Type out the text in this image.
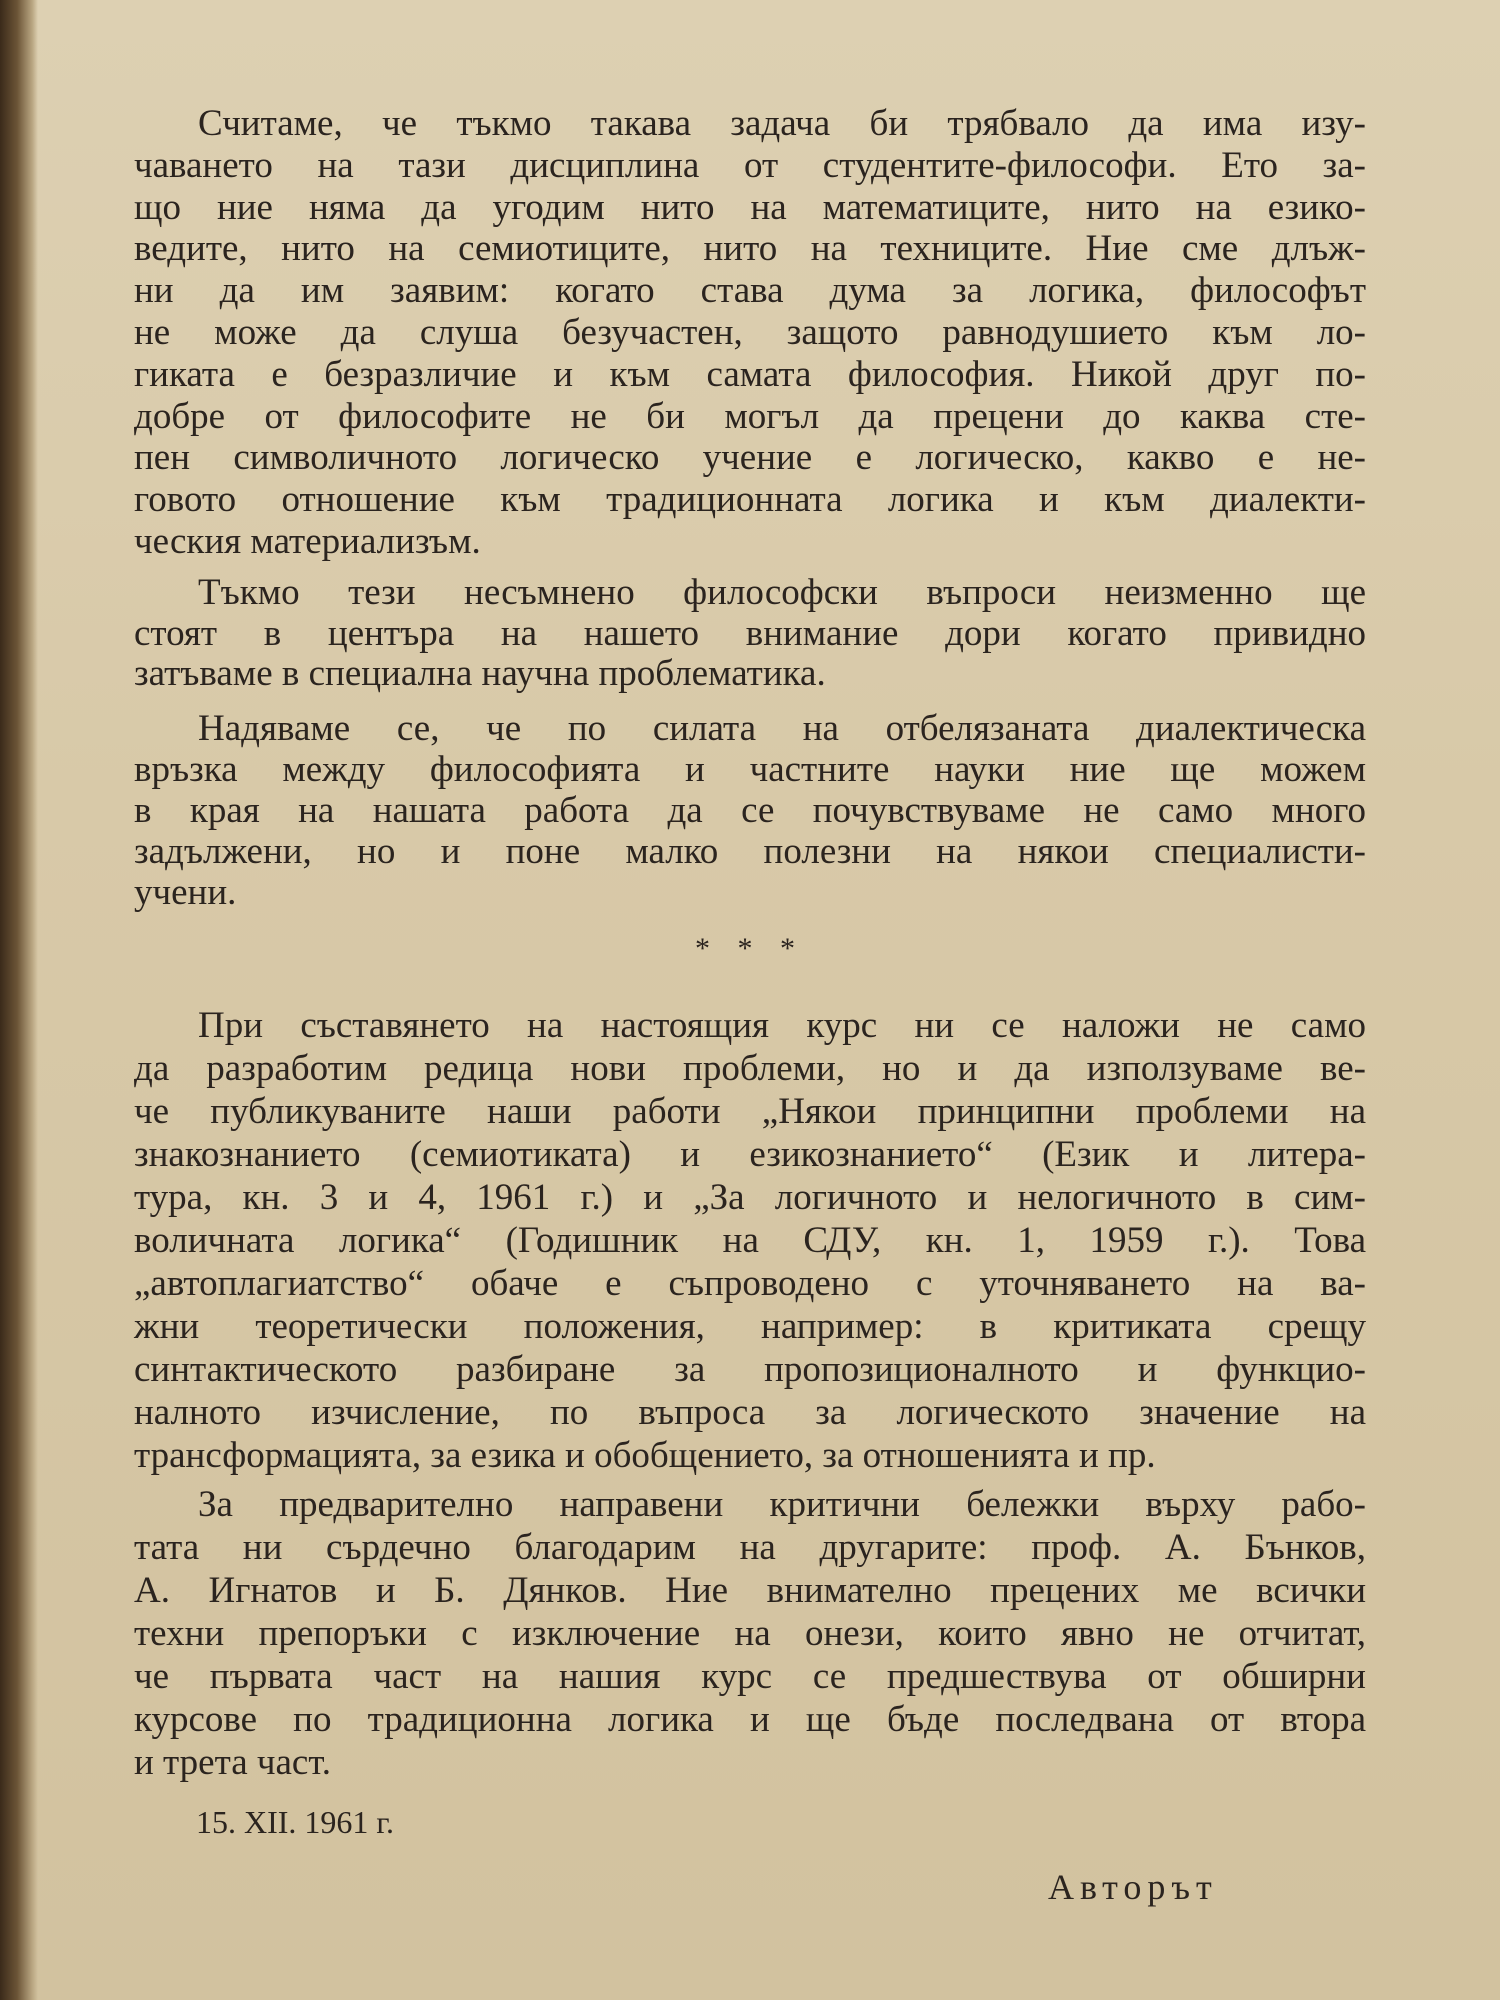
Считаме, че тъкмо такава задача би трябвало да има изу-
чаването на тази дисциплина от студентите-философи. Ето за-
що ние няма да угодим нито на математиците, нито на езико-
ведите, нито на семиотиците, нито на техниците. Ние сме длъж-
ни да им заявим: когато става дума за логика, философът
не може да слуша безучастен, защото равнодушието към ло-
гиката е безразличие и към самата философия. Никой друг по-
добре от философите не би могъл да прецени до каква сте-
пен символичното логическо учение е логическо, какво е не-
говото отношение към традиционната логика и към диалекти-
ческия материализъм.
Тъкмо тези несъмнено философски въпроси неизменно ще
стоят в центъра на нашето внимание дори когато привидно
затъваме в специална научна проблематика.
Надяваме се, че по силата на отбелязаната диалектическа
връзка между философията и частните науки ние ще можем
в края на нашата работа да се почувствуваме не само много
задължени, но и поне малко полезни на някои специалисти-
учени.
При съставянето на настоящия курс ни се наложи не само
да разработим редица нови проблеми, но и да използуваме ве-
че публикуваните наши работи „Някои принципни проблеми на
знакознанието (семиотиката) и езикознанието“ (Език и литера-
тура, кн. 3 и 4, 1961 г.) и „За логичното и нелогичното в сим-
воличната логика“ (Годишник на СДУ, кн. 1, 1959 г.). Това
„автоплагиатство“ обаче е съпроводено с уточняването на ва-
жни теоретически положения, например: в критиката срещу
синтактическото разбиране за пропозиционалното и функцио-
налното изчисление, по въпроса за логическото значение на
трансформацията, за езика и обобщението, за отношенията и пр.
За предварително направени критични бележки върху рабо-
тата ни сърдечно благодарим на другарите: проф. А. Бънков,
А. Игнатов и Б. Дянков. Ние внимателно прецених ме всички
техни препоръки с изключение на онези, които явно не отчитат,
че първата част на нашия курс се предшествува от обширни
курсове по традиционна логика и ще бъде последвана от втора
и трета част.
* * *
15. XII. 1961 г.
Авторът
